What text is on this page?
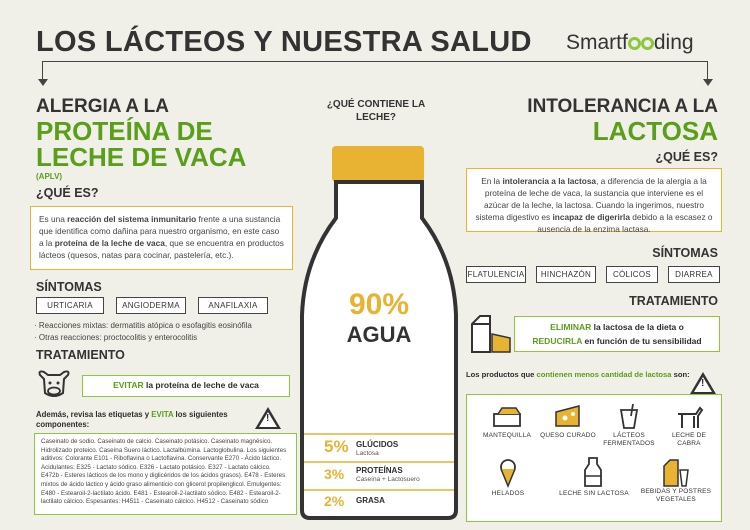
LOS LÁCTEOS Y NUESTRA SALUD Smartf ding
ALERGIA A LA
PROTEÍNA DE
LECHE DE VACA
(APLV)
¿QUÉ ES?
Es una reacción del sistema inmunitario frente a una sustancia que identifica como dañina para nuestro organismo, en este caso a la proteína de la leche de vaca, que se encuentra en productos lácteos (quesos, natas para cocinar, pastelería, etc.).
SÍNTOMAS
URTICARIA	ANGIODERMA	ANAFILAXIA
· Reacciones mixtas: dermatitis atópica o esofagitis eosinófila
· Otras reacciones: proctocolitis y enterocolitis
TRATAMIENTO
EVITAR la proteína de leche de vaca
Además, revisa las etiquetas y EVITA los siguientes componentes:
!
Caseinato de sodio. Caseinato de calcio. Caseinato potásico. Caseinato magnésico. Hidrolizado proteico. Caseína Suero láctico. Lactalbúmina. Lactoglobulina. Los siguientes aditivos: Colorante E101 - Riboflavina o Lactoflavina. Conservante E270 - Ácido láctico. Acidulantes: E325 - Lactato sódico. E326 - Lactato potásico. E327 - Lactato cálcico. E472b - Esteres lácticos de los mono y diglicéridos de los ácidos grasos). E478 - Esteres mixtos de ácido láctico y ácido graso alimenticio con glicerol propilenglicol. Emulgentes: E480 - Estearoil-2-lactilato ácido. E481 - Estearoil-2-lactilato sódico. E482 - Estearoil-2-lactilato cálcico. Espesantes: H4511 - Caseinato cálcico. H4512 - Caseinato sódico
¿QUÉ CONTIENE LA LECHE?
90%
AGUA
5% GLÚCIDOS
Lactosa
3% PROTEÍNAS
Caseína + Lactosuero
2% GRASA
INTOLERANCIA A LA
LACTOSA
¿QUÉ ES?
En la intolerancia a la lactosa, a diferencia de la alergia a la proteína de leche de vaca, la sustancia que interviene es el azúcar de la leche, la lactosa. Cuando la ingerimos, nuestro sistema digestivo es incapaz de digerirla debido a la escasez o ausencia de la enzima lactasa.
SÍNTOMAS
FLATULENCIA	HINCHAZÓN	CÓLICOS	DIARREA
TRATAMIENTO
ELIMINAR la lactosa de la dieta o
REDUCIRLA en función de tu sensibilidad
Los productos que contienen menos cantidad de lactosa son:
!
MANTEQUILLA	QUESO CURADO	LÁCTEOS FERMENTADOS
LECHE DE CABRA
HELADOS	LECHE SIN LACTOSA	BEBIDAS Y POSTRES VEGETALES
